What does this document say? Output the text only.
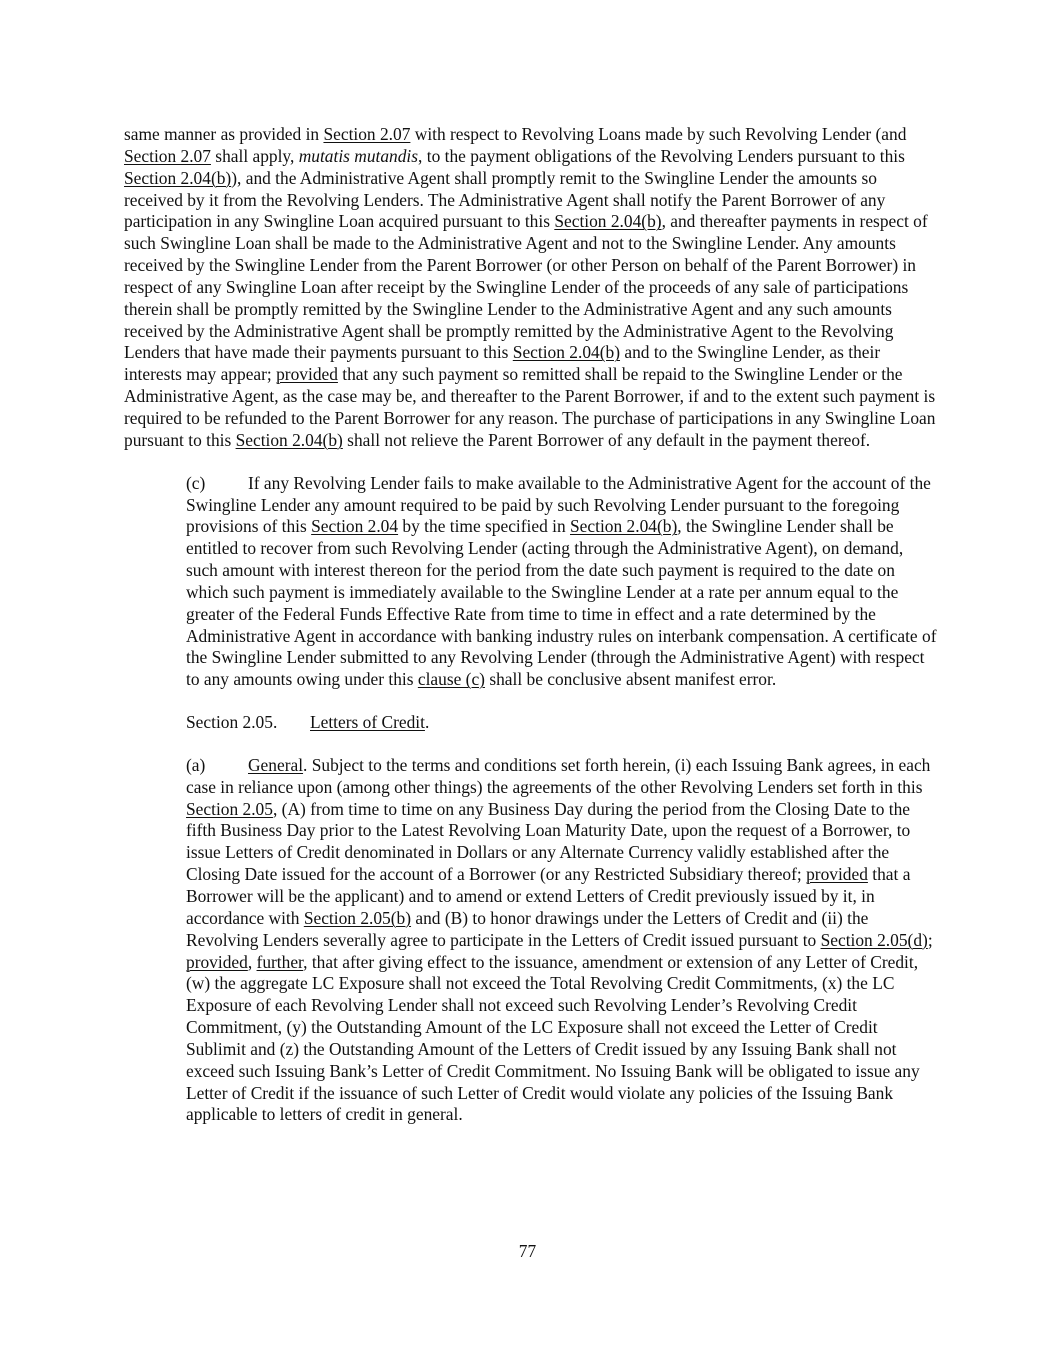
same manner as provided in Section 2.07 with respect to Revolving Loans made by such Revolving Lender (and Section 2.07 shall apply, mutatis mutandis, to the payment obligations of the Revolving Lenders pursuant to this Section 2.04(b)), and the Administrative Agent shall promptly remit to the Swingline Lender the amounts so received by it from the Revolving Lenders. The Administrative Agent shall notify the Parent Borrower of any participation in any Swingline Loan acquired pursuant to this Section 2.04(b), and thereafter payments in respect of such Swingline Loan shall be made to the Administrative Agent and not to the Swingline Lender. Any amounts received by the Swingline Lender from the Parent Borrower (or other Person on behalf of the Parent Borrower) in respect of any Swingline Loan after receipt by the Swingline Lender of the proceeds of any sale of participations therein shall be promptly remitted by the Swingline Lender to the Administrative Agent and any such amounts received by the Administrative Agent shall be promptly remitted by the Administrative Agent to the Revolving Lenders that have made their payments pursuant to this Section 2.04(b) and to the Swingline Lender, as their interests may appear; provided that any such payment so remitted shall be repaid to the Swingline Lender or the Administrative Agent, as the case may be, and thereafter to the Parent Borrower, if and to the extent such payment is required to be refunded to the Parent Borrower for any reason. The purchase of participations in any Swingline Loan pursuant to this Section 2.04(b) shall not relieve the Parent Borrower of any default in the payment thereof.

(c) If any Revolving Lender fails to make available to the Administrative Agent for the account of the Swingline Lender any amount required to be paid by such Revolving Lender pursuant to the foregoing provisions of this Section 2.04 by the time specified in Section 2.04(b), the Swingline Lender shall be entitled to recover from such Revolving Lender (acting through the Administrative Agent), on demand, such amount with interest thereon for the period from the date such payment is required to the date on which such payment is immediately available to the Swingline Lender at a rate per annum equal to the greater of the Federal Funds Effective Rate from time to time in effect and a rate determined by the Administrative Agent in accordance with banking industry rules on interbank compensation. A certificate of the Swingline Lender submitted to any Revolving Lender (through the Administrative Agent) with respect to any amounts owing under this clause (c) shall be conclusive absent manifest error.

Section 2.05. Letters of Credit.

(a) General. Subject to the terms and conditions set forth herein, (i) each Issuing Bank agrees, in each case in reliance upon (among other things) the agreements of the other Revolving Lenders set forth in this Section 2.05, (A) from time to time on any Business Day during the period from the Closing Date to the fifth Business Day prior to the Latest Revolving Loan Maturity Date, upon the request of a Borrower, to issue Letters of Credit denominated in Dollars or any Alternate Currency validly established after the Closing Date issued for the account of a Borrower (or any Restricted Subsidiary thereof; provided that a Borrower will be the applicant) and to amend or extend Letters of Credit previously issued by it, in accordance with Section 2.05(b) and (B) to honor drawings under the Letters of Credit and (ii) the Revolving Lenders severally agree to participate in the Letters of Credit issued pursuant to Section 2.05(d); provided, further, that after giving effect to the issuance, amendment or extension of any Letter of Credit, (w) the aggregate LC Exposure shall not exceed the Total Revolving Credit Commitments, (x) the LC Exposure of each Revolving Lender shall not exceed such Revolving Lender’s Revolving Credit Commitment, (y) the Outstanding Amount of the LC Exposure shall not exceed the Letter of Credit Sublimit and (z) the Outstanding Amount of the Letters of Credit issued by any Issuing Bank shall not exceed such Issuing Bank’s Letter of Credit Commitment. No Issuing Bank will be obligated to issue any Letter of Credit if the issuance of such Letter of Credit would violate any policies of the Issuing Bank applicable to letters of credit in general.

77
